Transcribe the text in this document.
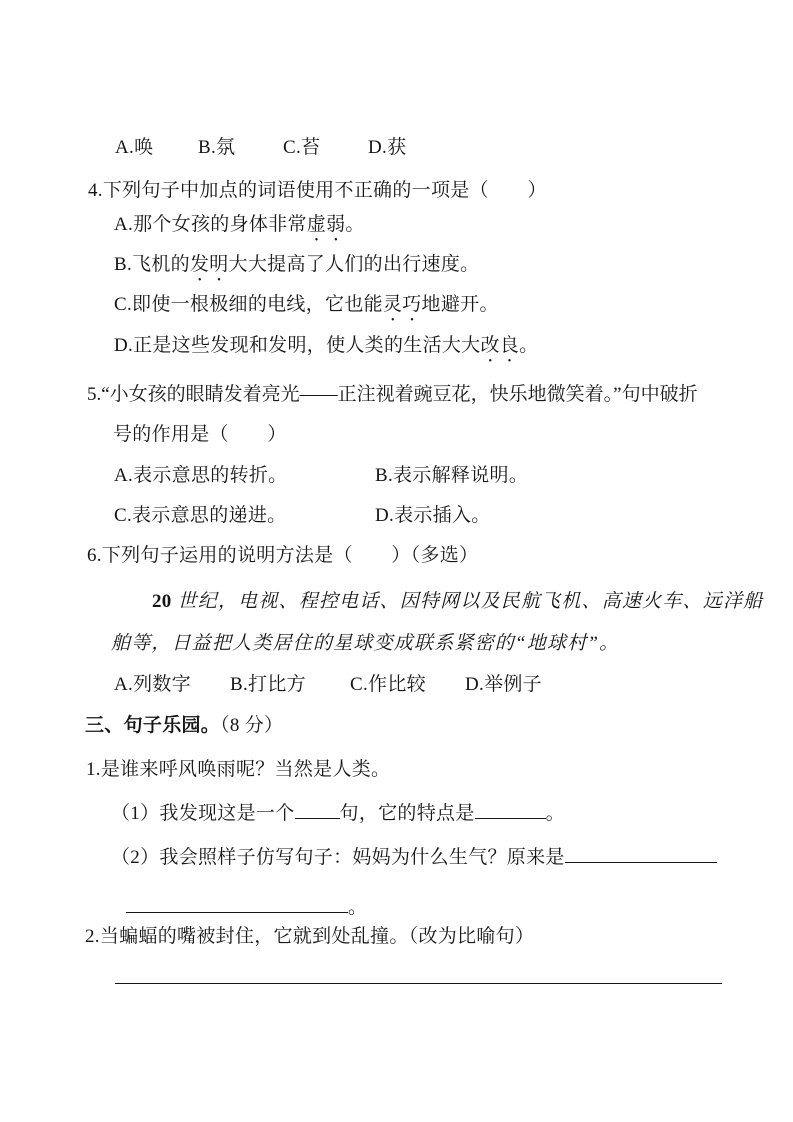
A.唤 B.氛	C.苔	D.获
4.下列句子中加点的词语使用不正确的一项是（　　）
A.那个女孩的身体非常虚弱。
B.飞机的发明大大提高了人们的出行速度。
C.即使一根极细的电线，它也能灵巧地避开。
D.正是这些发现和发明，使人类的生活大大改良。
5.“小女孩的眼睛发着亮光——正注视着豌豆花，快乐地微笑着。”句中破折
号的作用是（　　）
A.表示意思的转折。	B.表示解释说明。
C.表示意思的递进。	D.表示插入。
6.下列句子运用的说明方法是（　　）（多选）
20 世纪，电视、程控电话、因特网以及民航飞机、高速火车、远洋船
舶等，日益把人类居住的星球变成联系紧密的“地球村”。
A.列数字 B.打比方 C.作比较 D.举例子
三、句子乐园。（8 分）
1.是谁来呼风唤雨呢？当然是人类。
（1）我发现这是一个 句，它的特点是	。
（2）我会照样子仿写句子：妈妈为什么生气？原来是
。
2.当蝙蝠的嘴被封住，它就到处乱撞。（改为比喻句）
